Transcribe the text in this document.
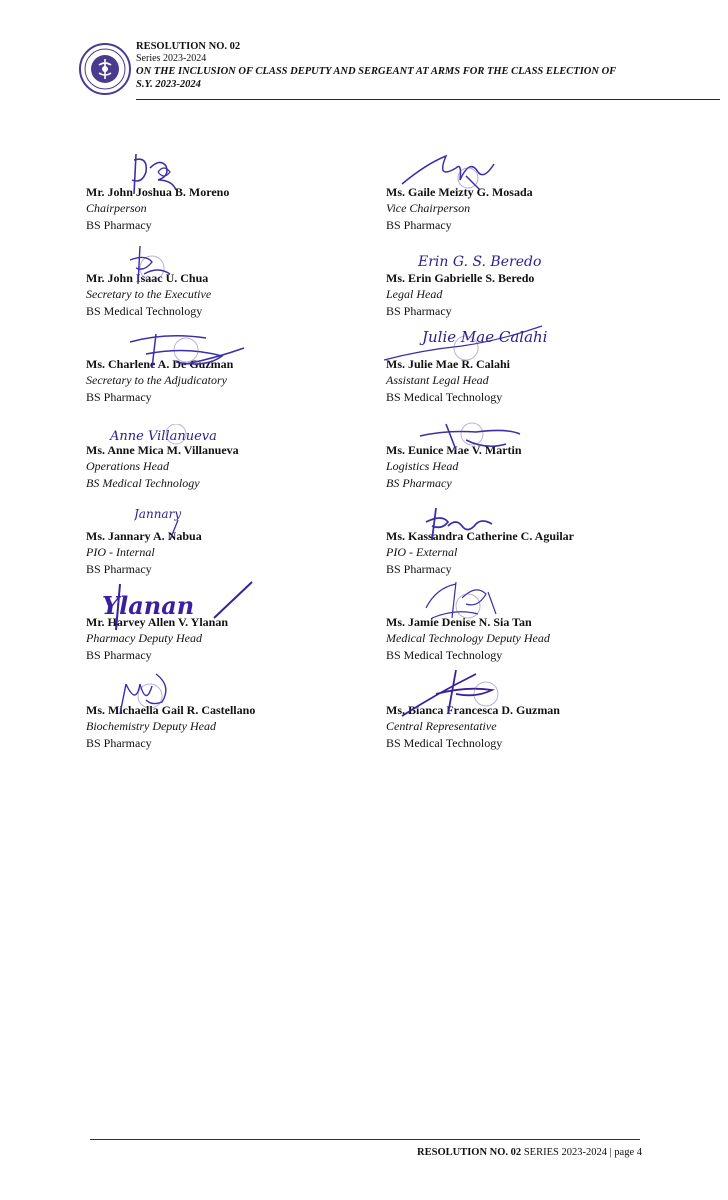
RESOLUTION NO. 02
Series 2023-2024
ON THE INCLUSION OF CLASS DEPUTY AND SERGEANT AT ARMS FOR THE CLASS ELECTION OF
S.Y. 2023-2024
Mr. John Joshua B. Moreno
Chairperson
BS Pharmacy
Ms. Gaile Meizty G. Mosada
Vice Chairperson
BS Pharmacy
Mr. John Isaac U. Chua
Secretary to the Executive
BS Medical Technology
Erin G. S. Beredo
Ms. Erin Gabrielle S. Beredo
Legal Head
BS Pharmacy
Ms. Charlene A. De Guzman
Secretary to the Adjudicatory
BS Pharmacy
Julie Mae Calahi
Ms. Julie Mae R. Calahi
Assistant Legal Head
BS Medical Technology
Anne Villanueva
Ms. Anne Mica M. Villanueva
Operations Head
BS Medical Technology
Ms. Eunice Mae V. Martin
Logistics Head
BS Pharmacy
Jannary
Ms. Jannary A. Nabua
PIO - Internal
BS Pharmacy
Ms. Kassandra Catherine C. Aguilar
PIO - External
BS Pharmacy
Ylanan
Mr. Harvey Allen V. Ylanan
Pharmacy Deputy Head
BS Pharmacy
Ms. Jamie Denise N. Sia Tan
Medical Technology Deputy Head
BS Medical Technology
Ms. Michaella Gail R. Castellano
Biochemistry Deputy Head
BS Pharmacy
Ms. Bianca Francesca D. Guzman
Central Representative
BS Medical Technology
RESOLUTION NO. 02 SERIES 2023-2024 | page 4
